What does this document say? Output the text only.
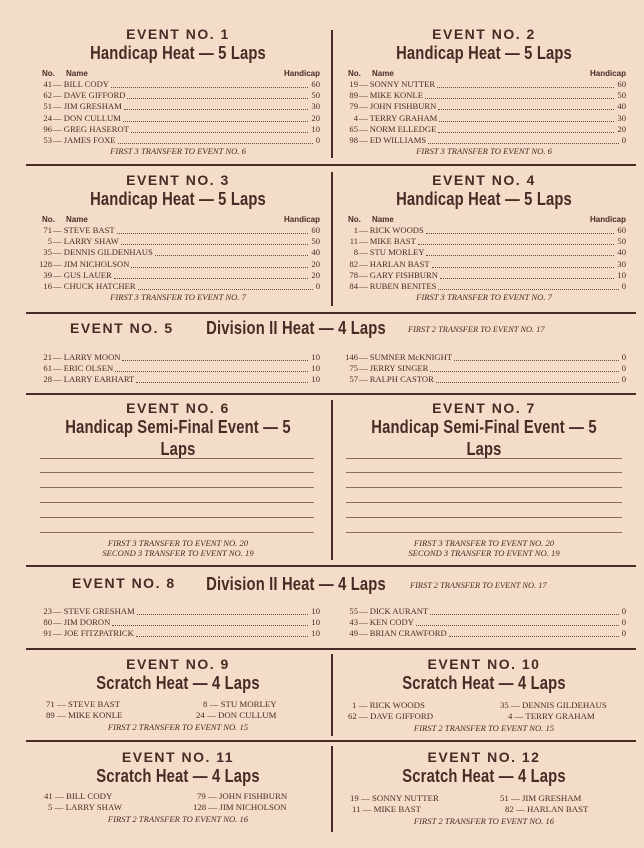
EVENT NO. 1
Handicap Heat — 5 Laps
No. Name	Handicap
41 — BILL CODY	60
62 — DAVE GIFFORD	50
51 — JIM GRESHAM	30
24 — DON CULLUM	20
96 — GREG HASEROT	10
53 — JAMES FOXE	0
FIRST 3 TRANSFER TO EVENT NO. 6
EVENT NO. 2
Handicap Heat — 5 Laps
No. Name	Handicap
19 — SONNY NUTTER	60
89 — MIKE KONLE	50
79 — JOHN FISHBURN	40
4 — TERRY GRAHAM	30
65 — NORM ELLEDGE	20
98 — ED WILLIAMS	0
FIRST 3 TRANSFER TO EVENT NO. 6
EVENT NO. 3
Handicap Heat — 5 Laps
No. Name	Handicap
71 — STEVE BAST	60
5 — LARRY SHAW	50
35 — DENNIS GILDENHAUS	40
128 — JIM NICHOLSON	20
39 — GUS LAUER	20
16 — CHUCK HATCHER	0
FIRST 3 TRANSFER TO EVENT NO. 7
EVENT NO. 4
Handicap Heat — 5 Laps
No. Name	Handicap
1 — RICK WOODS	60
11 — MIKE BAST	50
8 — STU MORLEY	40
82 — HARLAN BAST	30
78 — GARY FISHBURN	10
84 — RUBEN BENITES	0
FIRST 3 TRANSFER TO EVENT NO. 7
EVENT NO. 5	Division II Heat — 4 Laps	FIRST 2 TRANSFER TO EVENT NO. 17
21 — LARRY MOON	10
61 — ERIC OLSEN	10
28 — LARRY EARHART	10
146 — SUMNER McKNIGHT	0
75 — JERRY SINGER	0
57 — RALPH CASTOR	0
EVENT NO. 6
Handicap Semi-Final Event — 5 Laps
FIRST 3 TRANSFER TO EVENT NO. 20
SECOND 3 TRANSFER TO EVENT NO. 19
EVENT NO. 7
Handicap Semi-Final Event — 5 Laps
FIRST 3 TRANSFER TO EVENT NO. 20
SECOND 3 TRANSFER TO EVENT NO. 19
EVENT NO. 8	Division II Heat — 4 Laps	FIRST 2 TRANSFER TO EVENT NO. 17
23 — STEVE GRESHAM	10
80 — JIM DORON	10
91 — JOE FITZPATRICK	10
55 — DICK AURANT	0
43 — KEN CODY	0
49 — BRIAN CRAWFORD	0
EVENT NO. 9
Scratch Heat — 4 Laps
71 — STEVE BAST
89 — MIKE KONLE
8 — STU MORLEY
24 — DON CULLUM
FIRST 2 TRANSFER TO EVENT NO. 15
EVENT NO. 10
Scratch Heat — 4 Laps
1 — RICK WOODS
62 — DAVE GIFFORD
35 — DENNIS GILDEHAUS
4 — TERRY GRAHAM
FIRST 2 TRANSFER TO EVENT NO. 15
EVENT NO. 11
Scratch Heat — 4 Laps
41 — BILL CODY
5 — LARRY SHAW
79 — JOHN FISHBURN
128 — JIM NICHOLSON
FIRST 2 TRANSFER TO EVENT NO. 16
EVENT NO. 12
Scratch Heat — 4 Laps
19 — SONNY NUTTER
11 — MIKE BAST
51 — JIM GRESHAM
82 — HARLAN BAST
FIRST 2 TRANSFER TO EVENT NO. 16
